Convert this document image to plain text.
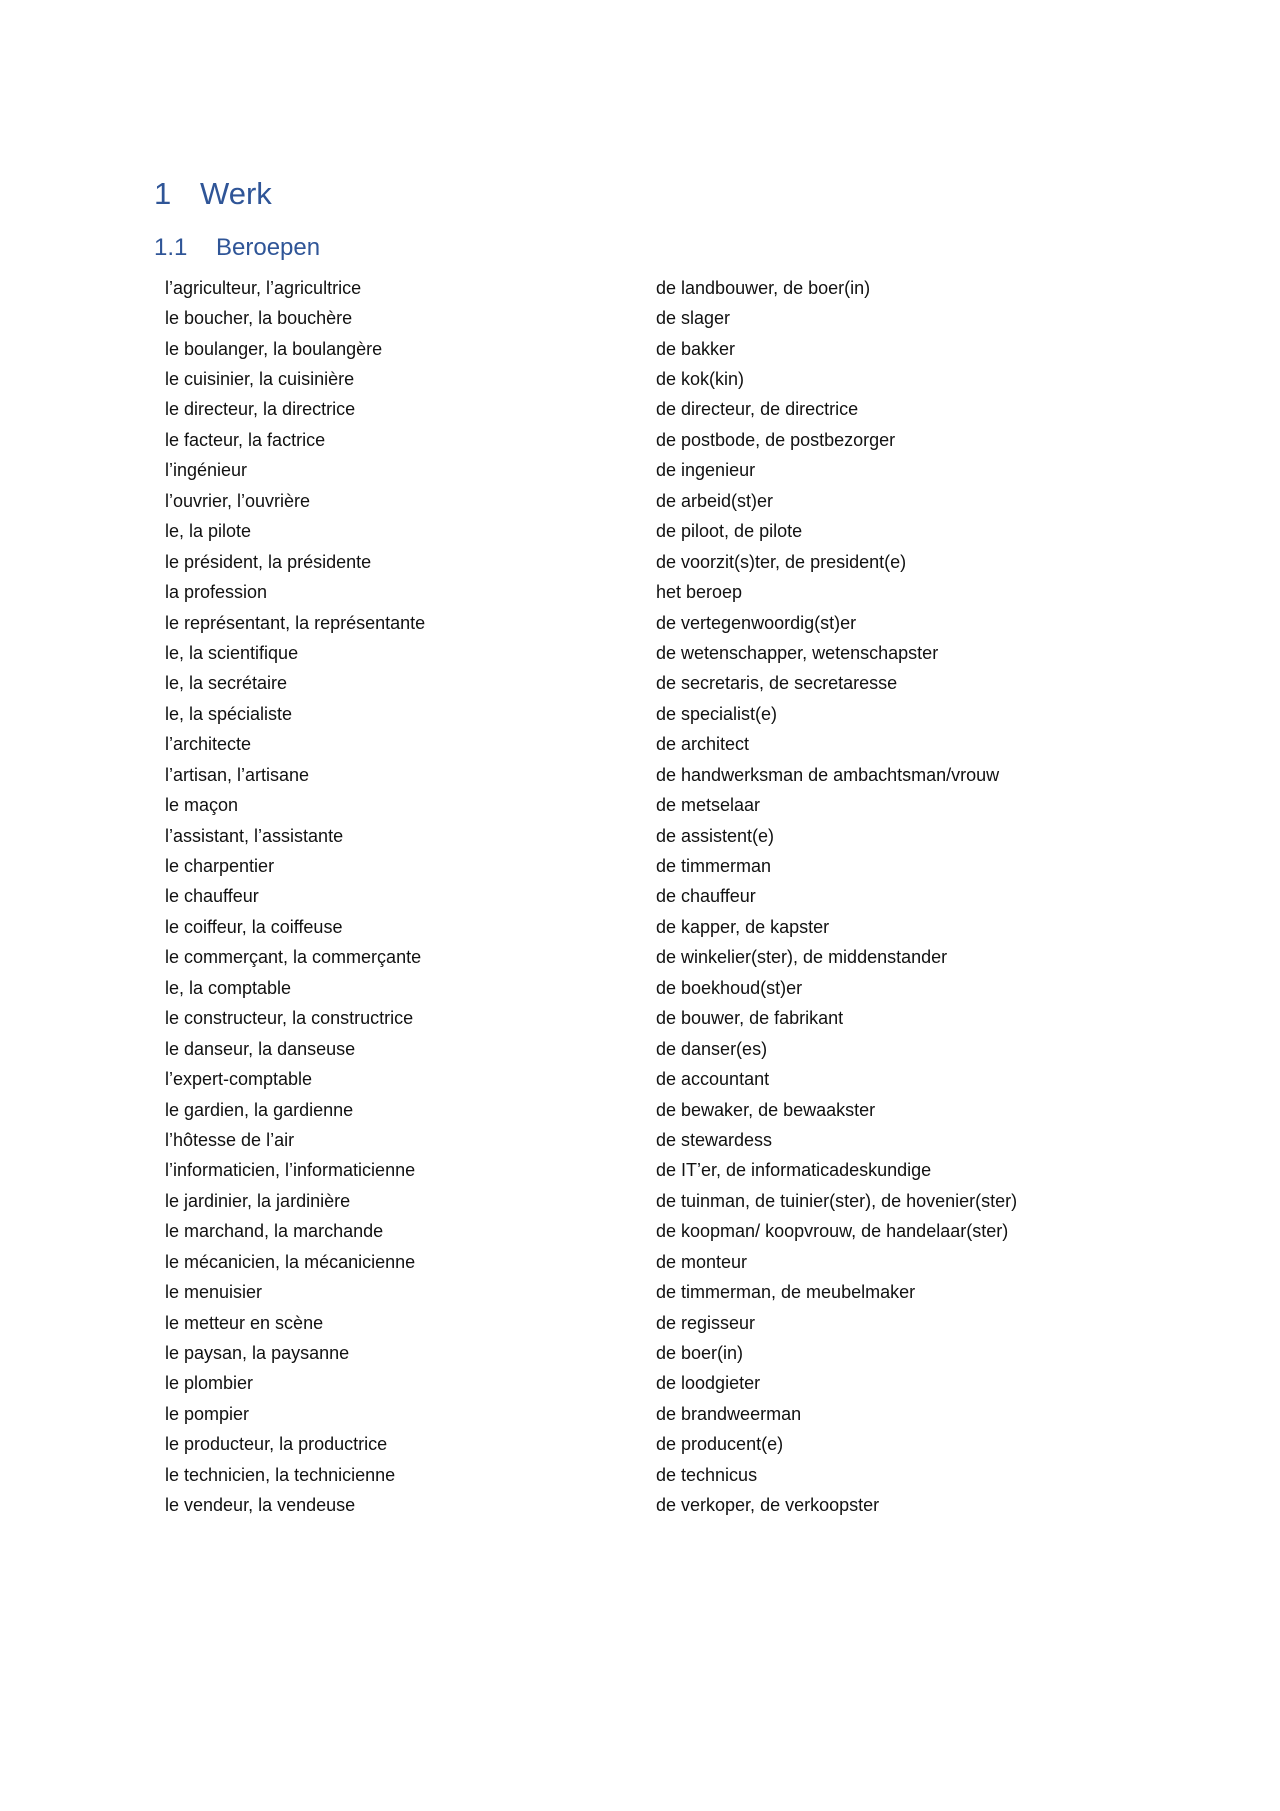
1 Werk
1.1 Beroepen
l’agriculteur, l’agricultrice	de landbouwer, de boer(in)
le boucher, la bouchère	de slager
le boulanger, la boulangère	de bakker
le cuisinier, la cuisinière	de kok(kin)
le directeur, la directrice	de directeur, de directrice
le facteur, la factrice	de postbode, de postbezorger
l’ingénieur	de ingenieur
l’ouvrier, l’ouvrière	de arbeid(st)er
le, la pilote	de piloot, de pilote
le président, la présidente	de voorzit(s)ter, de president(e)
la profession	het beroep
le représentant, la représentante	de vertegenwoordig(st)er
le, la scientifique	de wetenschapper, wetenschapster
le, la secrétaire	de secretaris, de secretaresse
le, la spécialiste	de specialist(e)
l’architecte	de architect
l’artisan, l’artisane	de handwerksman de ambachtsman/vrouw
le maçon	de metselaar
l’assistant, l’assistante	de assistent(e)
le charpentier	de timmerman
le chauffeur	de chauffeur
le coiffeur, la coiffeuse	de kapper, de kapster
le commerçant, la commerçante	de winkelier(ster), de middenstander
le, la comptable	de boekhoud(st)er
le constructeur, la constructrice	de bouwer, de fabrikant
le danseur, la danseuse	de danser(es)
l’expert-comptable	de accountant
le gardien, la gardienne	de bewaker, de bewaakster
l’hôtesse de l’air	de stewardess
l’informaticien, l’informaticienne	de IT’er, de informaticadeskundige
le jardinier, la jardinière	de tuinman, de tuinier(ster), de hovenier(ster)
le marchand, la marchande	de koopman/ koopvrouw, de handelaar(ster)
le mécanicien, la mécanicienne	de monteur
le menuisier	de timmerman, de meubelmaker
le metteur en scène	de regisseur
le paysan, la paysanne	de boer(in)
le plombier	de loodgieter
le pompier	de brandweerman
le producteur, la productrice	de producent(e)
le technicien, la technicienne	de technicus
le vendeur, la vendeuse	de verkoper, de verkoopster
